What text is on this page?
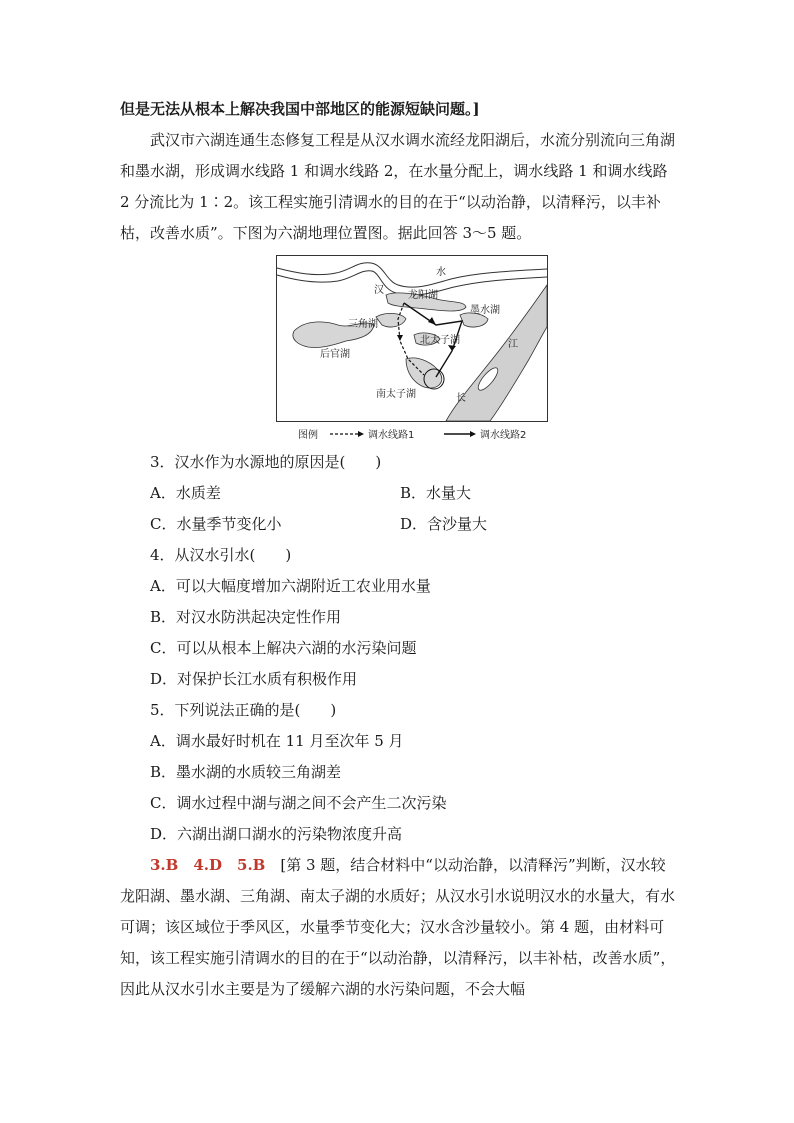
但是无法从根本上解决我国中部地区的能源短缺问题。]

武汉市六湖连通生态修复工程是从汉水调水流经龙阳湖后，水流分别流向三角湖和墨水湖，形成调水线路 1 和调水线路 2，在水量分配上，调水线路 1 和调水线路 2 分流比为 1∶2。该工程实施引清调水的目的在于“以动治静，以清释污，以丰补枯，改善水质”。下图为六湖地理位置图。据此回答 3～5 题。

汉
水
龙阳湖
墨水湖
三角湖
北太子湖
后官湖
江
南太子湖	长
图例	调水线路1	调水线路2

3．汉水作为水源地的原因是(　　)

A．水质差	B．水量大
C．水量季节变化小	D．含沙量大

4．从汉水引水(　　)

A．可以大幅度增加六湖附近工农业用水量

B．对汉水防洪起决定性作用

C．可以从根本上解决六湖的水污染问题

D．对保护长江水质有积极作用

5．下列说法正确的是(　　)

A．调水最好时机在 11 月至次年 5 月

B．墨水湖的水质较三角湖差

C．调水过程中湖与湖之间不会产生二次污染

D．六湖出湖口湖水的污染物浓度升高

3.B　4.D　5.B　 [第 3 题，结合材料中“以动治静，以清释污”判断，汉水较龙阳湖、墨水湖、三角湖、南太子湖的水质好；从汉水引水说明汉水的水量大，有水可调；该区域位于季风区，水量季节变化大；汉水含沙量较小。第 4 题，由材料可知，该工程实施引清调水的目的在于“以动治静，以清释污，以丰补枯，改善水质”，因此从汉水引水主要是为了缓解六湖的水污染问题，不会大幅
